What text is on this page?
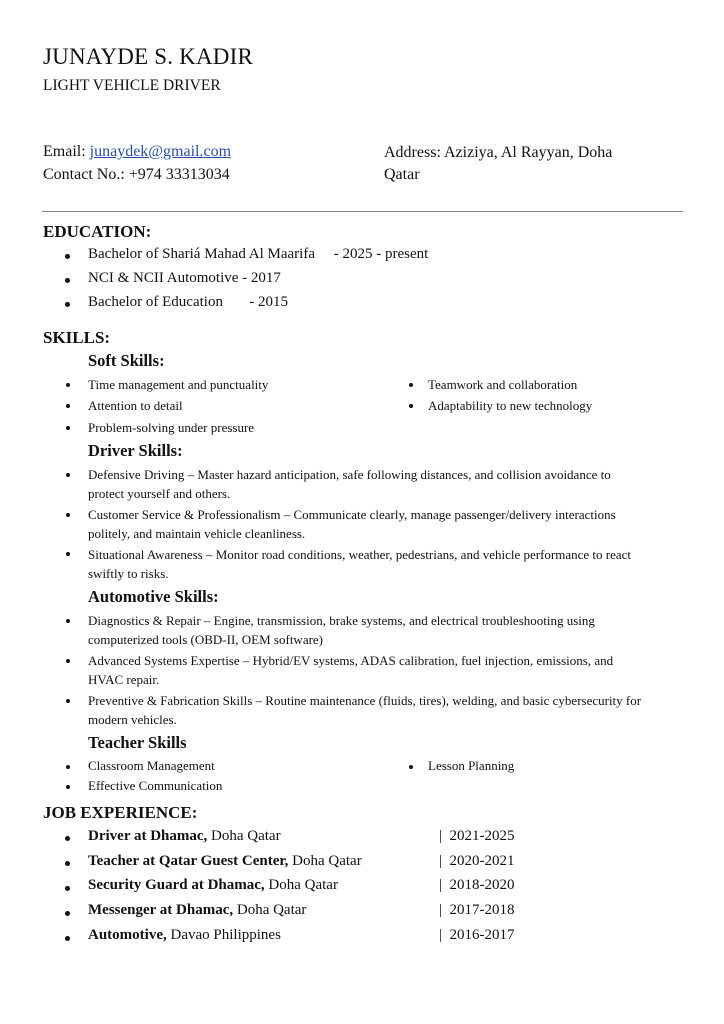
JUNAYDE S. KADIR
LIGHT VEHICLE DRIVER
Email: junaydek@gmail.com
Contact No.: +974 33313034
Address: Aziziya, Al Rayyan, Doha
Qatar
EDUCATION:
Bachelor of Shariá Mahad Al Maarifa     - 2025 - present
NCI & NCII Automotive - 2017
Bachelor of Education       - 2015
SKILLS:
Soft Skills:
Time management and punctuality
Attention to detail
Problem-solving under pressure
Teamwork and collaboration
Adaptability to new technology
Driver Skills:
Defensive Driving – Master hazard anticipation, safe following distances, and collision avoidance to
protect yourself and others.
Customer Service & Professionalism – Communicate clearly, manage passenger/delivery interactions
politely, and maintain vehicle cleanliness.
Situational Awareness – Monitor road conditions, weather, pedestrians, and vehicle performance to react
swiftly to risks.
Automotive Skills:
Diagnostics & Repair – Engine, transmission, brake systems, and electrical troubleshooting using
computerized tools (OBD-II, OEM software)
Advanced Systems Expertise – Hybrid/EV systems, ADAS calibration, fuel injection, emissions, and
HVAC repair.
Preventive & Fabrication Skills – Routine maintenance (fluids, tires), welding, and basic cybersecurity for
modern vehicles.
Teacher Skills
Classroom Management
Effective Communication
Lesson Planning
JOB EXPERIENCE:
Driver at Dhamac, Doha Qatar	|  2021-2025
Teacher at Qatar Guest Center, Doha Qatar	|  2020-2021
Security Guard at Dhamac, Doha Qatar	|  2018-2020
Messenger at Dhamac, Doha Qatar	|  2017-2018
Automotive, Davao Philippines	|  2016-2017
